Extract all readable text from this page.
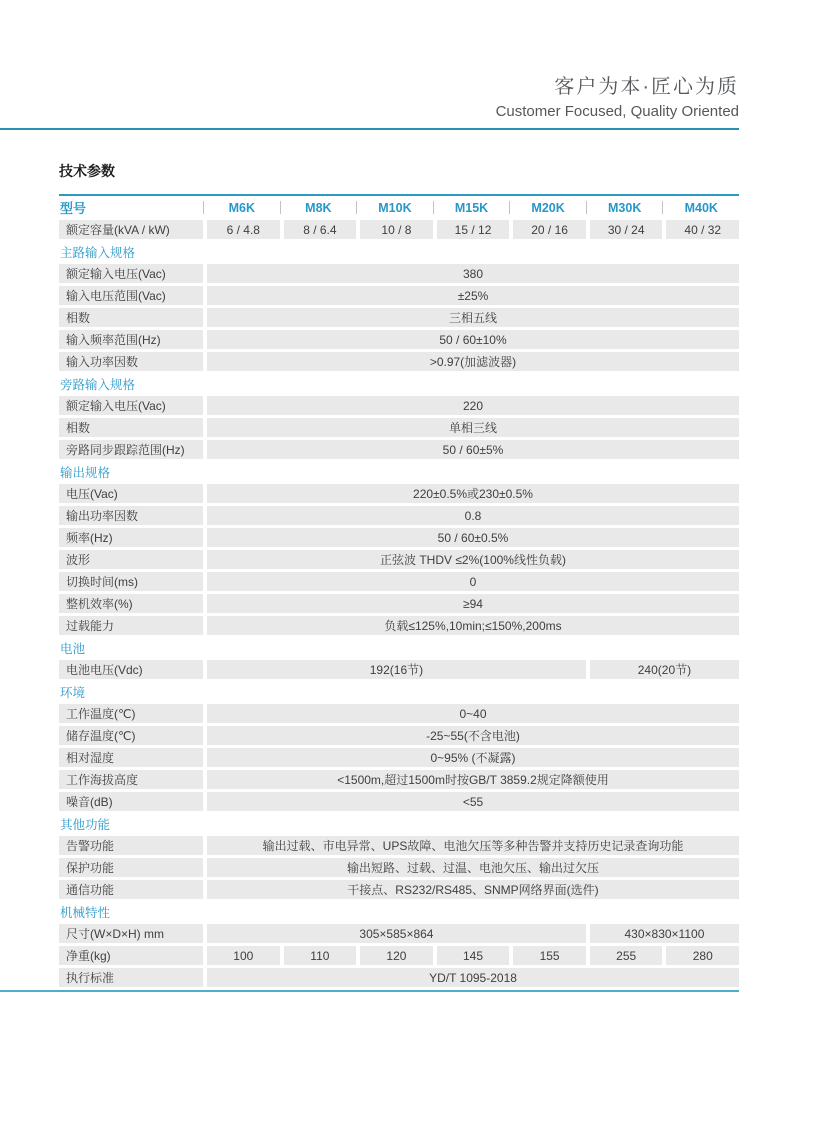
客户为本·匠心为质
Customer Focused, Quality Oriented
技术参数
型号	M6K	M8K	M10K	M15K	M20K	M30K	M40K
额定容量(kVA / kW)	6 / 4.8	8 / 6.4	10 / 8	15 / 12	20 / 16	30 / 24	40 / 32
主路输入规格
额定输入电压(Vac)	380
输入电压范围(Vac)	±25%
相数	三相五线
输入频率范围(Hz)	50 / 60±10%
输入功率因数	>0.97(加滤波器)
旁路输入规格
额定输入电压(Vac)	220
相数	单相三线
旁路同步跟踪范围(Hz)	50 / 60±5%
输出规格
电压(Vac)	220±0.5%或230±0.5%
输出功率因数	0.8
频率(Hz)	50 / 60±0.5%
波形	正弦波 THDV ≤2%(100%线性负载)
切换时间(ms)	0
整机效率(%)	≥94
过载能力	负载≤125%,10min;≤150%,200ms
电池
电池电压(Vdc)	192(16节)	240(20节)
环境
工作温度(℃)	0~40
储存温度(℃)	-25~55(不含电池)
相对湿度	0~95% (不凝露)
工作海拔高度	<1500m,超过1500m时按GB/T 3859.2规定降额使用
噪音(dB)	<55
其他功能
告警功能	输出过载、市电异常、UPS故障、电池欠压等多种告警并支持历史记录查询功能
保护功能	输出短路、过载、过温、电池欠压、输出过欠压
通信功能	干接点、RS232/RS485、SNMP网络界面(选件)
机械特性
尺寸(W×D×H) mm	305×585×864	430×830×1100
净重(kg)	100	110	120	145	155	255	280
执行标准	YD/T 1095-2018
